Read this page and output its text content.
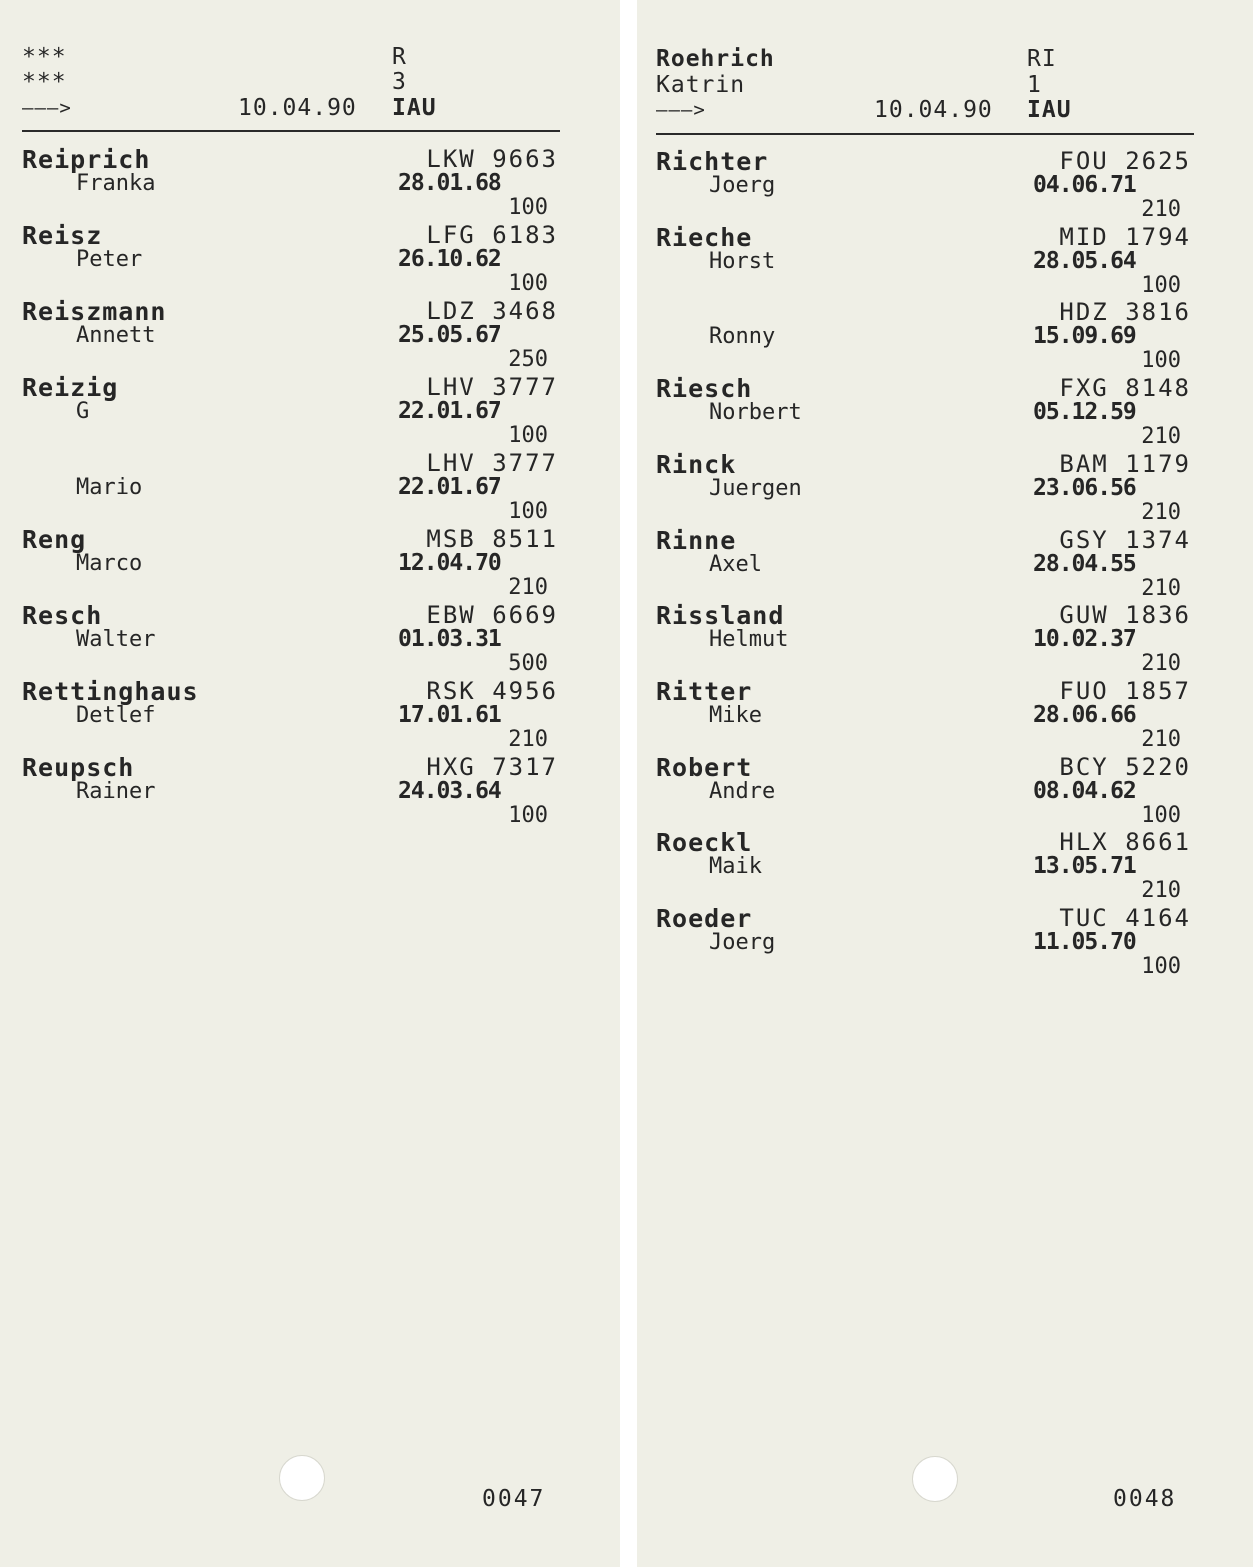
***
***
———>	10.04.90
R
3
IAU
Reiprich
Franka
LKW 9663
28.01.68
100
Reisz
Peter
LFG 6183
26.10.62
100
Reiszmann
Annett
LDZ 3468
25.05.67
250
Reizig
G
LHV 3777
22.01.67
100
Mario
LHV 3777
22.01.67
100
Reng
Marco
MSB 8511
12.04.70
210
Resch
Walter
EBW 6669
01.03.31
500
Rettinghaus
Detlef
RSK 4956
17.01.61
210
Reupsch
Rainer
HXG 7317
24.03.64
100
0047
Roehrich
Katrin
———>	10.04.90
RI
1
IAU
Richter
Joerg
FOU 2625
04.06.71
210
Rieche
Horst
MID 1794
28.05.64
100
Ronny
HDZ 3816
15.09.69
100
Riesch
Norbert
FXG 8148
05.12.59
210
Rinck
Juergen
BAM 1179
23.06.56
210
Rinne
Axel
GSY 1374
28.04.55
210
Rissland
Helmut
GUW 1836
10.02.37
210
Ritter
Mike
FUO 1857
28.06.66
210
Robert
Andre
BCY 5220
08.04.62
100
Roeckl
Maik
HLX 8661
13.05.71
210
Roeder
Joerg
TUC 4164
11.05.70
100
0048
